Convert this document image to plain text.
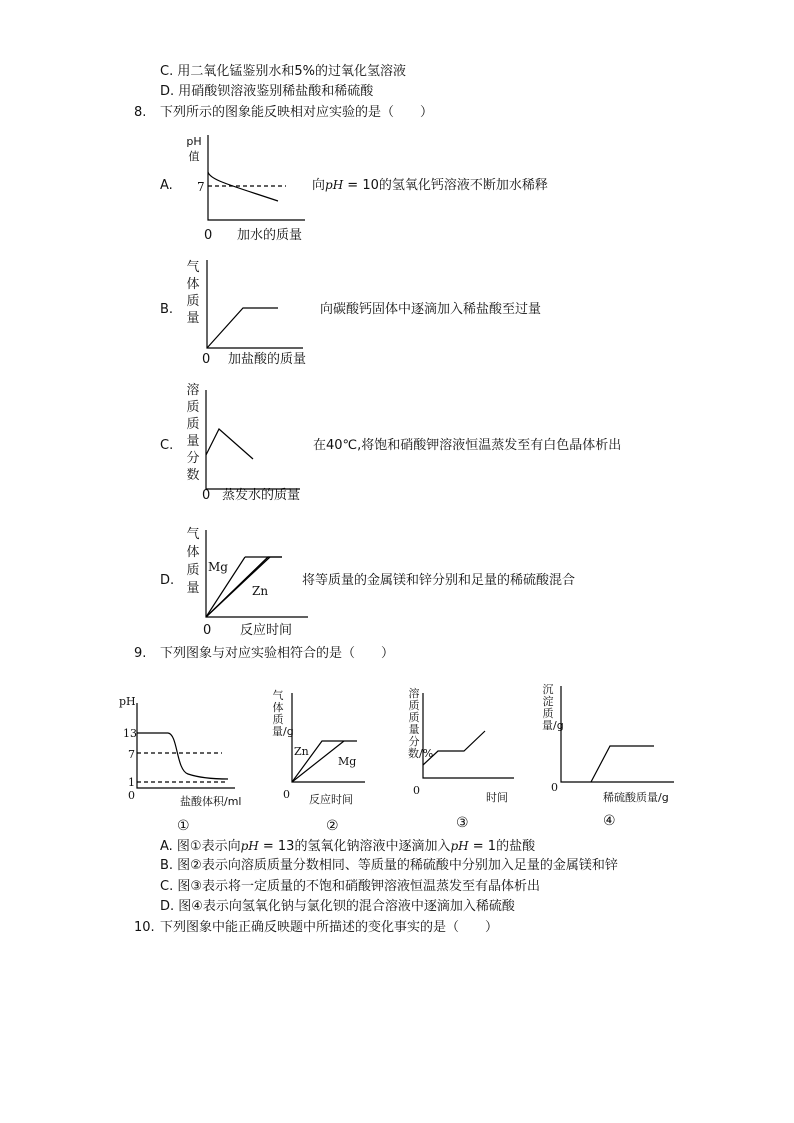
C. 用二氧化锰鉴别水和5%的过氧化氢溶液
D. 用硝酸钡溶液鉴别稀盐酸和稀硫酸
8. 下列所示的图象能反映相对应实验的是（　　）
A.
pH值
7
0 加水的质量
向pH = 10的氢氧化钙溶液不断加水稀释
B.
气体质量
0 加盐酸的质量
向碳酸钙固体中逐滴加入稀盐酸至过量
C.
溶质质量分数
0 蒸发水的质量
在40℃,将饱和硝酸钾溶液恒温蒸发至有白色晶体析出
D.
气体质量
0 反应时间
Mg
Zn
将等质量的金属镁和锌分别和足量的稀硫酸混合
9. 下列图象与对应实验相符合的是（　　）
pH
13
7
1
0	盐酸体积/ml
①
气体质量/g
0 反应时间
Zn
Mg
②
溶质质量分数/%
0
时间
③
沉淀质量/g
0
稀硫酸质量/g
④
A. 图①表示向pH = 13的氢氧化钠溶液中逐滴加入pH = 1的盐酸
B. 图②表示向溶质质量分数相同、等质量的稀硫酸中分别加入足量的金属镁和锌
C. 图③表示将一定质量的不饱和硝酸钾溶液恒温蒸发至有晶体析出
D. 图④表示向氢氧化钠与氯化钡的混合溶液中逐滴加入稀硫酸
10. 下列图象中能正确反映题中所描述的变化事实的是（　　）
